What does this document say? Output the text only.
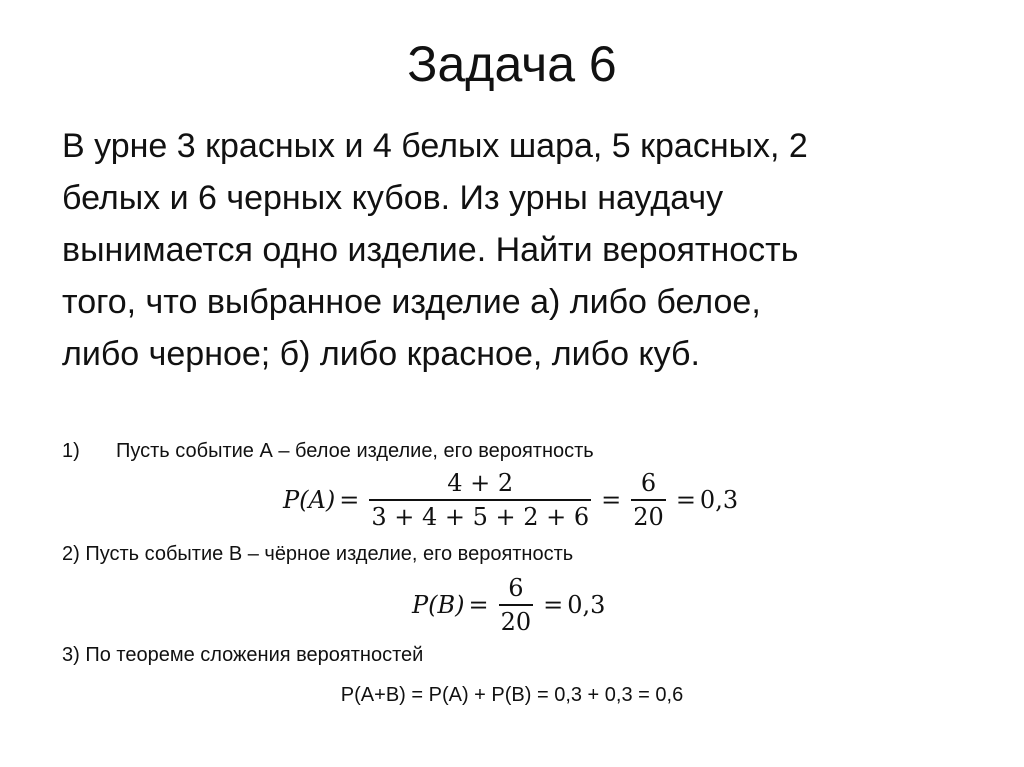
Задача 6
В урне 3 красных и 4 белых шара, 5 красных, 2
белых и 6 черных кубов. Из урны наудачу
вынимается одно изделие. Найти вероятность
того, что выбранное изделие а) либо белое,
либо черное; б) либо красное, либо куб.
1) Пусть событие А – белое изделие, его вероятность
$P(A) = \frac{4 + 2}{3 + 4 + 5 + 2 + 6} = \frac{6}{20} = 0,3$
2) Пусть событие В – чёрное изделие, его вероятность
$P(B) = \frac{6}{20} = 0,3$
3) По теореме сложения вероятностей
P(A+B) = P(A) + P(B) = 0,3 + 0,3 = 0,6
